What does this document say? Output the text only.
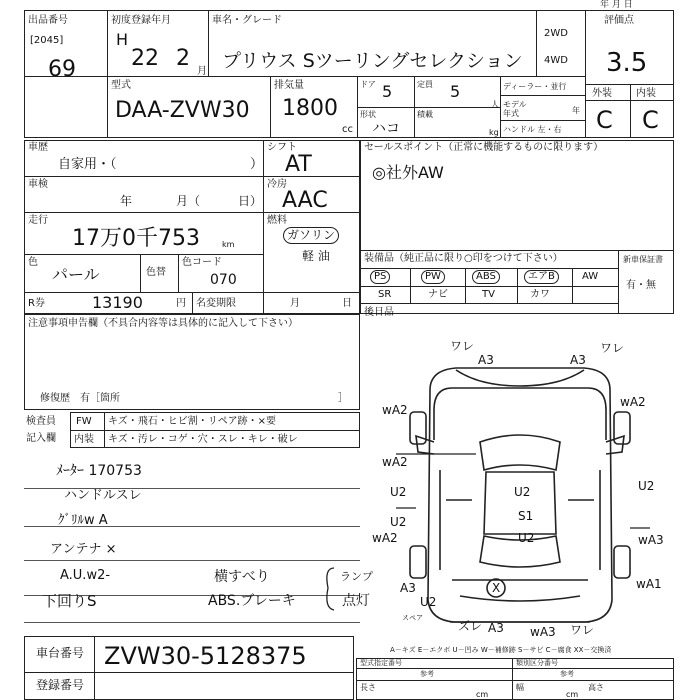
年 月 日
出品番号
[2045]
69
初度登録年月
H
22 2
月
車名・グレード
プリウス Sツーリングセレクション
2WD
4WD
評価点
3.5
型式
DAA-ZVW30
排気量
1800
cc
ドア 5	定員 5
人
形状
ハコ
積載
kg
ディーラー・並行
モデル年式	年
ハンドル 左・右
外装 内装
C C
車歴
自家用・（	）
シフト
AT
車検
年	月（	日）
冷房
AAC
走行
17万0千753	km
燃料
ガソリン
軽 油
色
パール	色替
色コード
070
R券	13190	円 名変期限	月	日
セールスポイント（正常に機能するものに限ります）
◎社外AW
装備品（純正品に限り○印をつけて下さい）	新車保証書
有・無
PS	PW	ABS	エアB	AW
SR	ナビ	TV	カワ
後日品
注意事項申告欄（不具合内容等は具体的に記入して下さい）
修復歴　有［箇所	］
検査員
記入欄
FW キズ・飛石・ヒビ割・リペア跡・×要
内装 キズ・汚レ・コゲ・穴・スレ・キレ・破レ
ﾒｰﾀｰ 170753
ハンドルスレ
ｸﾞﾘﾙw A
アンテナ ×
A.U.w2-
下回りS
横すべり
ABS.ブレーキ
ランプ
点灯
ワレ
A3	A3
ワレ
wA2
wA2
wA2
U2	U2
U2
U2
wA2
S1
U2	wA3
A3	wA1
U2
A3
ズレ	wA3 ワレ
X
スペア
A－キズ E－エクボ U－凹み W－補修跡 S－サビ C－腐食 XX－交換済
車台番号 ZVW30-5128375
登録番号
型式指定番号	類別区分番号
参考	参考
長さ
cm
幅
cm
高さ
